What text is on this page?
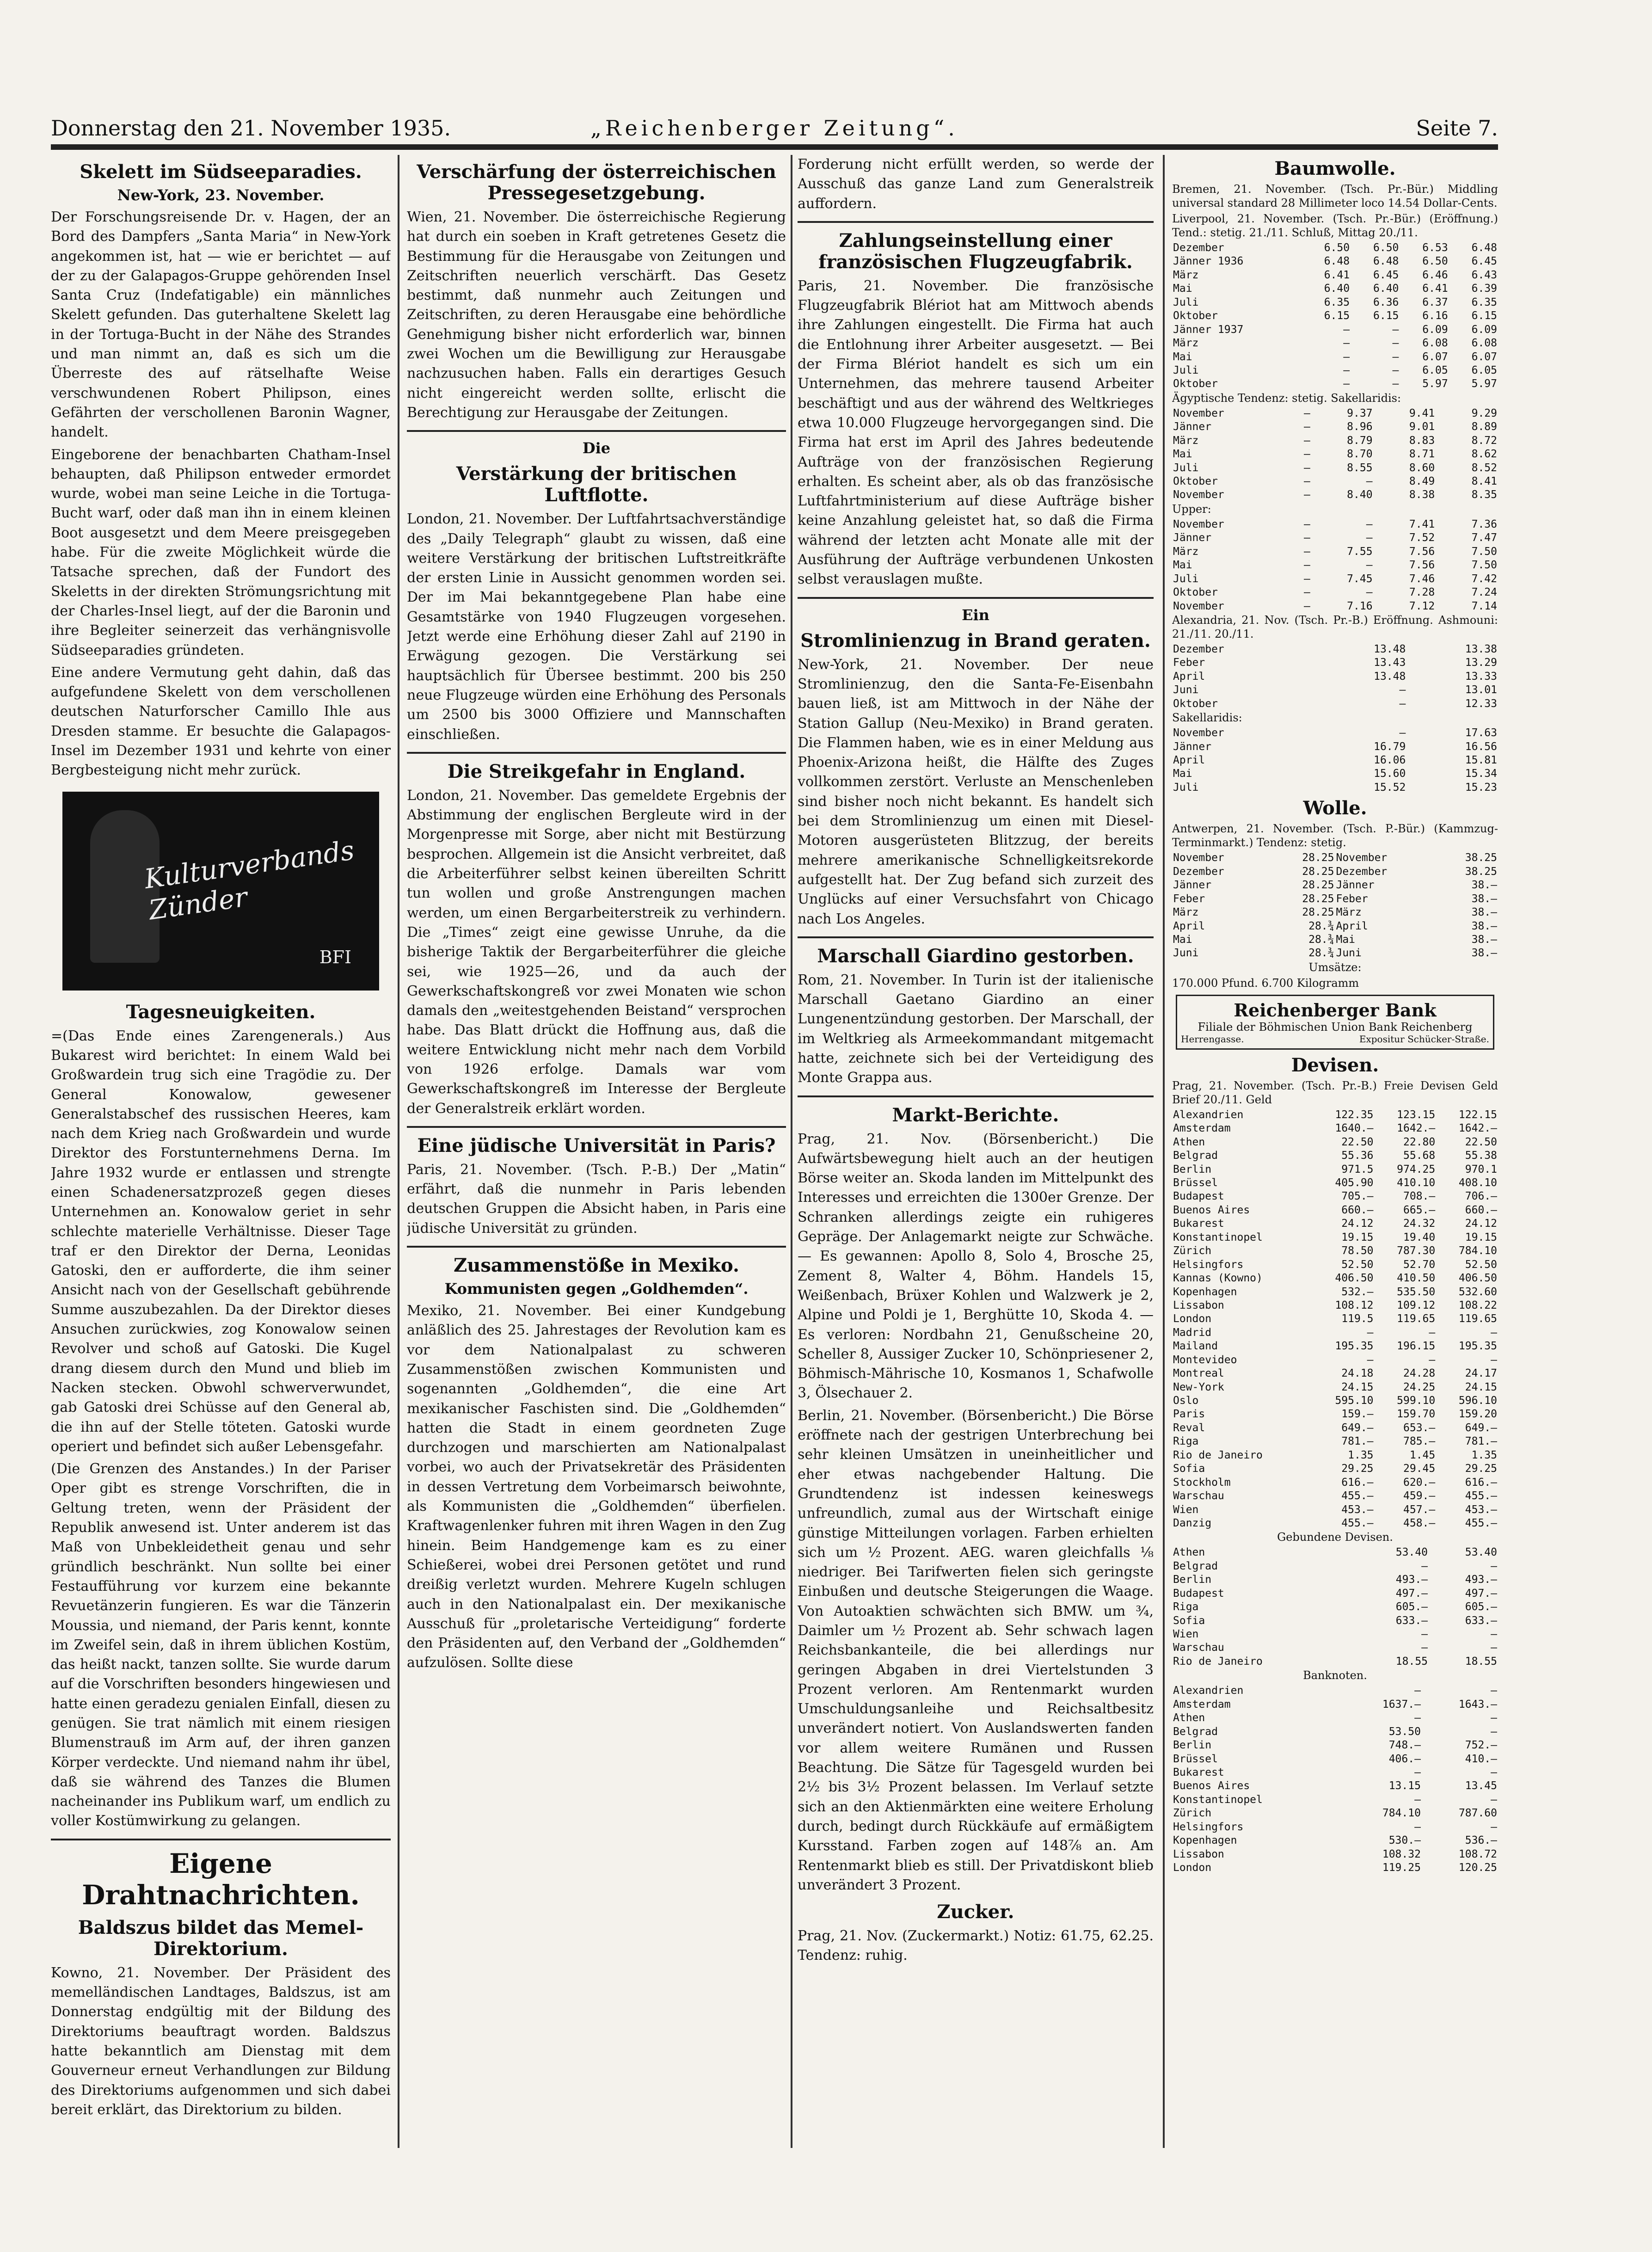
Donnerstag den 21. November 1935.	„Reichenberger Zeitung“.	Seite 7.
Skelett im Südseeparadies.
New-York, 23. November.

Der Forschungsreisende Dr. v. Hagen, der an Bord des Dampfers „Santa Maria“ in New-York angekommen ist, hat — wie er berichtet — auf der zu der Galapagos-Gruppe gehörenden Insel Santa Cruz (Indefatigable) ein männliches Skelett gefunden. Das guterhaltene Skelett lag in der Tortuga-Bucht in der Nähe des Strandes und man nimmt an, daß es sich um die Überreste des auf rätselhafte Weise verschwundenen Robert Philipson, eines Gefährten der verschollenen Baronin Wagner, handelt.

Eingeborene der benachbarten Chatham-Insel behaupten, daß Philipson entweder ermordet wurde, wobei man seine Leiche in die Tortuga-Bucht warf, oder daß man ihn in einem kleinen Boot ausgesetzt und dem Meere preisgegeben habe. Für die zweite Möglichkeit würde die Tatsache sprechen, daß der Fundort des Skeletts in der direkten Strömungsrichtung mit der Charles-Insel liegt, auf der die Baronin und ihre Begleiter seinerzeit das verhängnisvolle Südseeparadies gründeten.

Eine andere Vermutung geht dahin, daß das aufgefundene Skelett von dem verschollenen deutschen Naturforscher Camillo Ihle aus Dresden stamme. Er besuchte die Galapagos-Insel im Dezember 1931 und kehrte von einer Bergbesteigung nicht mehr zurück.

Kulturverbands Zünder
BFI
Tagesneuigkeiten.

=(Das Ende eines Zarengenerals.) Aus Bukarest wird berichtet: In einem Wald bei Großwardein trug sich eine Tragödie zu. Der General Konowalow, gewesener Generalstabschef des russischen Heeres, kam nach dem Krieg nach Großwardein und wurde Direktor des Forstunternehmens Derna. Im Jahre 1932 wurde er entlassen und strengte einen Schadenersatzprozeß gegen dieses Unternehmen an. Konowalow geriet in sehr schlechte materielle Verhältnisse. Dieser Tage traf er den Direktor der Derna, Leonidas Gatoski, den er aufforderte, die ihm seiner Ansicht nach von der Gesellschaft gebührende Summe auszubezahlen. Da der Direktor dieses Ansuchen zurückwies, zog Konowalow seinen Revolver und schoß auf Gatoski. Die Kugel drang diesem durch den Mund und blieb im Nacken stecken. Obwohl schwerverwundet, gab Gatoski drei Schüsse auf den General ab, die ihn auf der Stelle töteten. Gatoski wurde operiert und befindet sich außer Lebensgefahr.

(Die Grenzen des Anstandes.) In der Pariser Oper gibt es strenge Vorschriften, die in Geltung treten, wenn der Präsident der Republik anwesend ist. Unter anderem ist das Maß von Unbekleidetheit genau und sehr gründlich beschränkt. Nun sollte bei einer Festaufführung vor kurzem eine bekannte Revuetänzerin fungieren. Es war die Tänzerin Moussia, und niemand, der Paris kennt, konnte im Zweifel sein, daß in ihrem üblichen Kostüm, das heißt nackt, tanzen sollte. Sie wurde darum auf die Vorschriften besonders hingewiesen und hatte einen geradezu genialen Einfall, diesen zu genügen. Sie trat nämlich mit einem riesigen Blumenstrauß im Arm auf, der ihren ganzen Körper verdeckte. Und niemand nahm ihr übel, daß sie während des Tanzes die Blumen nacheinander ins Publikum warf, um endlich zu voller Kostümwirkung zu gelangen.

Eigene Drahtnachrichten.
Baldszus bildet das Memel-Direktorium.

Kowno, 21. November. Der Präsident des memelländischen Landtages, Baldszus, ist am Donnerstag endgültig mit der Bildung des Direktoriums beauftragt worden. Baldszus hatte bekanntlich am Dienstag mit dem Gouverneur erneut Verhandlungen zur Bildung des Direktoriums aufgenommen und sich dabei bereit erklärt, das Direktorium zu bilden.

Verschärfung der österreichischen Pressegesetzgebung.

Wien, 21. November. Die österreichische Regierung hat durch ein soeben in Kraft getretenes Gesetz die Bestimmung für die Herausgabe von Zeitungen und Zeitschriften neuerlich verschärft. Das Gesetz bestimmt, daß nunmehr auch Zeitungen und Zeitschriften, zu deren Herausgabe eine behördliche Genehmigung bisher nicht erforderlich war, binnen zwei Wochen um die Bewilligung zur Herausgabe nachzusuchen haben. Falls ein derartiges Gesuch nicht eingereicht werden sollte, erlischt die Berechtigung zur Herausgabe der Zeitungen.

Die
Verstärkung der britischen Luftflotte.

London, 21. November. Der Luftfahrtsachverständige des „Daily Telegraph“ glaubt zu wissen, daß eine weitere Verstärkung der britischen Luftstreitkräfte der ersten Linie in Aussicht genommen worden sei. Der im Mai bekanntgegebene Plan habe eine Gesamtstärke von 1940 Flugzeugen vorgesehen. Jetzt werde eine Erhöhung dieser Zahl auf 2190 in Erwägung gezogen. Die Verstärkung sei hauptsächlich für Übersee bestimmt. 200 bis 250 neue Flugzeuge würden eine Erhöhung des Personals um 2500 bis 3000 Offiziere und Mannschaften einschließen.

Die Streikgefahr in England.

London, 21. November. Das gemeldete Ergebnis der Abstimmung der englischen Bergleute wird in der Morgenpresse mit Sorge, aber nicht mit Bestürzung besprochen. Allgemein ist die Ansicht verbreitet, daß die Arbeiterführer selbst keinen übereilten Schritt tun wollen und große Anstrengungen machen werden, um einen Bergarbeiterstreik zu verhindern. Die „Times“ zeigt eine gewisse Unruhe, da die bisherige Taktik der Bergarbeiterführer die gleiche sei, wie 1925—26, und da auch der Gewerkschaftskongreß vor zwei Monaten wie schon damals den „weitestgehenden Beistand“ versprochen habe. Das Blatt drückt die Hoffnung aus, daß die weitere Entwicklung nicht mehr nach dem Vorbild von 1926 erfolge. Damals war vom Gewerkschaftskongreß im Interesse der Bergleute der Generalstreik erklärt worden.

Eine jüdische Universität in Paris?

Paris, 21. November. (Tsch. P.-B.) Der „Matin“ erfährt, daß die nunmehr in Paris lebenden deutschen Gruppen die Absicht haben, in Paris eine jüdische Universität zu gründen.

Zusammenstöße in Mexiko.
Kommunisten gegen „Goldhemden“.

Mexiko, 21. November. Bei einer Kundgebung anläßlich des 25. Jahrestages der Revolution kam es vor dem Nationalpalast zu schweren Zusammenstößen zwischen Kommunisten und sogenannten „Goldhemden“, die eine Art mexikanischer Faschisten sind. Die „Goldhemden“ hatten die Stadt in einem geordneten Zuge durchzogen und marschierten am Nationalpalast vorbei, wo auch der Privatsekretär des Präsidenten in dessen Vertretung dem Vorbeimarsch beiwohnte, als Kommunisten die „Goldhemden“ überfielen. Kraftwagenlenker fuhren mit ihren Wagen in den Zug hinein. Beim Handgemenge kam es zu einer Schießerei, wobei drei Personen getötet und rund dreißig verletzt wurden. Mehrere Kugeln schlugen auch in den Nationalpalast ein. Der mexikanische Ausschuß für „proletarische Verteidigung“ forderte den Präsidenten auf, den Verband der „Goldhemden“ aufzulösen. Sollte diese

Forderung nicht erfüllt werden, so werde der Ausschuß das ganze Land zum Generalstreik auffordern.

Zahlungseinstellung einer französischen Flugzeugfabrik.

Paris, 21. November. Die französische Flugzeugfabrik Blériot hat am Mittwoch abends ihre Zahlungen eingestellt. Die Firma hat auch die Entlohnung ihrer Arbeiter ausgesetzt. — Bei der Firma Blériot handelt es sich um ein Unternehmen, das mehrere tausend Arbeiter beschäftigt und aus der während des Weltkrieges etwa 10.000 Flugzeuge hervorgegangen sind. Die Firma hat erst im April des Jahres bedeutende Aufträge von der französischen Regierung erhalten. Es scheint aber, als ob das französische Luftfahrtministerium auf diese Aufträge bisher keine Anzahlung geleistet hat, so daß die Firma während der letzten acht Monate alle mit der Ausführung der Aufträge verbundenen Unkosten selbst verauslagen mußte.

Ein
Stromlinienzug in Brand geraten.

New-York, 21. November. Der neue Stromlinienzug, den die Santa-Fe-Eisenbahn bauen ließ, ist am Mittwoch in der Nähe der Station Gallup (Neu-Mexiko) in Brand geraten. Die Flammen haben, wie es in einer Meldung aus Phoenix-Arizona heißt, die Hälfte des Zuges vollkommen zerstört. Verluste an Menschenleben sind bisher noch nicht bekannt. Es handelt sich bei dem Stromlinienzug um einen mit Diesel-Motoren ausgerüsteten Blitzzug, der bereits mehrere amerikanische Schnelligkeitsrekorde aufgestellt hat. Der Zug befand sich zurzeit des Unglücks auf einer Versuchsfahrt von Chicago nach Los Angeles.

Marschall Giardino gestorben.

Rom, 21. November. In Turin ist der italienische Marschall Gaetano Giardino an einer Lungenentzündung gestorben. Der Marschall, der im Weltkrieg als Armeekommandant mitgemacht hatte, zeichnete sich bei der Verteidigung des Monte Grappa aus.

Markt-Berichte.

Prag, 21. Nov. (Börsenbericht.) Die Aufwärtsbewegung hielt auch an der heutigen Börse weiter an. Skoda landen im Mittelpunkt des Interesses und erreichten die 1300er Grenze. Der Schranken allerdings zeigte ein ruhigeres Gepräge. Der Anlagemarkt neigte zur Schwäche. — Es gewannen: Apollo 8, Solo 4, Brosche 25, Zement 8, Walter 4, Böhm. Handels 15, Weißenbach, Brüxer Kohlen und Walzwerk je 2, Alpine und Poldi je 1, Berghütte 10, Skoda 4. — Es verloren: Nordbahn 21, Genußscheine 20, Scheller 8, Aussiger Zucker 10, Schönpriesener 2, Böhmisch-Mährische 10, Kosmanos 1, Schafwolle 3, Ölsechauer 2.

Berlin, 21. November. (Börsenbericht.) Die Börse eröffnete nach der gestrigen Unterbrechung bei sehr kleinen Umsätzen in uneinheitlicher und eher etwas nachgebender Haltung. Die Grundtendenz ist indessen keineswegs unfreundlich, zumal aus der Wirtschaft einige günstige Mitteilungen vorlagen. Farben erhielten sich um ½ Prozent. AEG. waren gleichfalls ⅛ niedriger. Bei Tarifwerten fielen sich geringste Einbußen und deutsche Steigerungen die Waage. Von Autoaktien schwächten sich BMW. um ¾, Daimler um ½ Prozent ab. Sehr schwach lagen Reichsbankanteile, die bei allerdings nur geringen Abgaben in drei Viertelstunden 3 Prozent verloren. Am Rentenmarkt wurden Umschuldungsanleihe und Reichsaltbesitz unverändert notiert. Von Auslandswerten fanden vor allem weitere Rumänen und Russen Beachtung. Die Sätze für Tagesgeld wurden bei 2½ bis 3½ Prozent belassen. Im Verlauf setzte sich an den Aktienmärkten eine weitere Erholung durch, bedingt durch Rückkäufe auf ermäßigtem Kursstand. Farben zogen auf 148⅞ an. Am Rentenmarkt blieb es still. Der Privatdiskont blieb unverändert 3 Prozent.

Zucker.

Prag, 21. Nov. (Zuckermarkt.) Notiz: 61.75, 62.25. Tendenz: ruhig.

Baumwolle.

Bremen, 21. November. (Tsch. Pr.-Bür.) Middling universal standard 28 Millimeter loco 14.54 Dollar-Cents.

Liverpool, 21. November. (Tsch. Pr.-Bür.) (Eröffnung.) Tend.: stetig. 21./11. Schluß, Mittag 20./11.

Dezember	6.50	6.50	6.53	6.48
Jänner 1936	6.48	6.48	6.50	6.45
März	6.41	6.45	6.46	6.43
Mai	6.40	6.40	6.41	6.39
Juli	6.35	6.36	6.37	6.35
Oktober	6.15	6.15	6.16	6.15
Jänner 1937	—	—	6.09	6.09
März	—	—	6.08	6.08
Mai	—	—	6.07	6.07
Juli	—	—	6.05	6.05
Oktober	—	—	5.97	5.97

Ägyptische Tendenz: stetig. Sakellaridis:

November	—	9.37	9.41	9.29
Jänner	—	8.96	9.01	8.89
März	—	8.79	8.83	8.72
Mai	—	8.70	8.71	8.62
Juli	—	8.55	8.60	8.52
Oktober	—	—	8.49	8.41
November	—	8.40	8.38	8.35

Upper:

November	—	—	7.41	7.36
Jänner	—	—	7.52	7.47
März	—	7.55	7.56	7.50
Mai	—	—	7.56	7.50
Juli	—	7.45	7.46	7.42
Oktober	—	—	7.28	7.24
November	—	7.16	7.12	7.14

Alexandria, 21. Nov. (Tsch. Pr.-B.) Eröffnung. Ashmouni: 21./11. 20./11.

Dezember	13.48	13.38
Feber	13.43	13.29
April	13.48	13.33
Juni	—	13.01
Oktober	—	12.33

Sakellaridis:

November	—	17.63
Jänner	16.79	16.56
April	16.06	15.81
Mai	15.60	15.34
Juli	15.52	15.23
Wolle.

Antwerpen, 21. November. (Tsch. P.-Bür.) (Kammzug-Terminmarkt.) Tendenz: stetig.

November	28.25	November	38.25
Dezember	28.25	Dezember	38.25
Jänner	28.25	Jänner	38.—
Feber	28.25	Feber	38.—
März	28.25	März	38.—
April	28.¾	April	38.—
Mai	28.¾	Mai	38.—
Juni	28.¾	Juni	38.—

Umsätze:

170.000 Pfund. 6.700 Kilogramm

Reichenberger Bank
Filiale der Böhmischen Union Bank Reichenberg
Herrengasse.	Expositur Schücker-Straße.
Devisen.

Prag, 21. November. (Tsch. Pr.-B.) Freie Devisen Geld Brief 20./11. Geld

Alexandrien	122.35	123.15	122.15
Amsterdam	1640.—	1642.—	1642.—
Athen	22.50	22.80	22.50
Belgrad	55.36	55.68	55.38
Berlin	971.5	974.25	970.1
Brüssel	405.90	410.10	408.10
Budapest	705.—	708.—	706.—
Buenos Aires	660.—	665.—	660.—
Bukarest	24.12	24.32	24.12
Konstantinopel	19.15	19.40	19.15
Zürich	78.50	787.30	784.10
Helsingfors	52.50	52.70	52.50
Kannas (Kowno)	406.50	410.50	406.50
Kopenhagen	532.—	535.50	532.60
Lissabon	108.12	109.12	108.22
London	119.5	119.65	119.65
Madrid	—	—	—
Mailand	195.35	196.15	195.35
Montevideo	—	—	—
Montreal	24.18	24.28	24.17
New-York	24.15	24.25	24.15
Oslo	595.10	599.10	596.10
Paris	159.—	159.70	159.20
Reval	649.—	653.—	649.—
Riga	781.—	785.—	781.—
Rio de Janeiro	1.35	1.45	1.35
Sofia	29.25	29.45	29.25
Stockholm	616.—	620.—	616.—
Warschau	455.—	459.—	455.—
Wien	453.—	457.—	453.—
Danzig	455.—	458.—	455.—

Gebundene Devisen.

Athen	53.40	53.40
Belgrad	—	—
Berlin	493.—	493.—
Budapest	497.—	497.—
Riga	605.—	605.—
Sofia	633.—	633.—
Wien	—	—
Warschau	—	—
Rio de Janeiro	18.55	18.55

Banknoten.

Alexandrien	—	—
Amsterdam	1637.—	1643.—
Athen	—	—
Belgrad	53.50	—
Berlin	748.—	752.—
Brüssel	406.—	410.—
Bukarest	—	—
Buenos Aires	13.15	13.45
Konstantinopel	—	—
Zürich	784.10	787.60
Helsingfors	—	—
Kopenhagen	530.—	536.—
Lissabon	108.32	108.72
London	119.25	120.25
